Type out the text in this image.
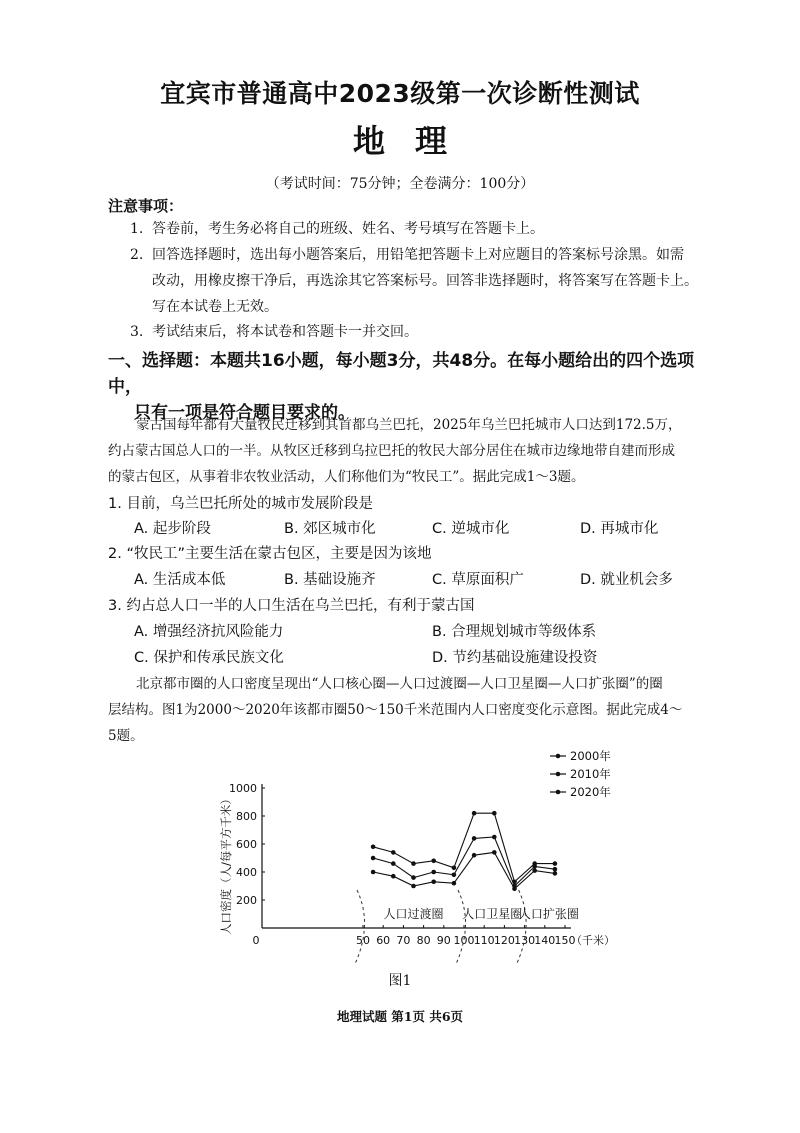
宜宾市普通高中2023级第一次诊断性测试
地理
（考试时间：75分钟；全卷满分：100分）
注意事项：
1. 答卷前，考生务必将自己的班级、姓名、考号填写在答题卡上。
2. 回答选择题时，选出每小题答案后，用铅笔把答题卡上对应题目的答案标号涂黑。如需
改动，用橡皮擦干净后，再选涂其它答案标号。回答非选择题时，将答案写在答题卡上。
写在本试卷上无效。
3. 考试结束后，将本试卷和答题卡一并交回。
一、选择题：本题共16小题，每小题3分，共48分。在每小题给出的四个选项中，
只有一项是符合题目要求的。
蒙古国每年都有大量牧民迁移到其首都乌兰巴托，2025年乌兰巴托城市人口达到172.5万，
约占蒙古国总人口的一半。从牧区迁移到乌拉巴托的牧民大部分居住在城市边缘地带自建而形成
的蒙古包区，从事着非农牧业活动，人们称他们为“牧民工”。据此完成1～3题。
1. 目前，乌兰巴托所处的城市发展阶段是
A. 起步阶段	B. 郊区城市化	C. 逆城市化	D. 再城市化
2. “牧民工”主要生活在蒙古包区，主要是因为该地
A. 生活成本低	B. 基础设施齐	C. 草原面积广	D. 就业机会多
3. 约占总人口一半的人口生活在乌兰巴托，有利于蒙古国
A. 增强经济抗风险能力	B. 合理规划城市等级体系
C. 保护和传承民族文化	D. 节约基础设施建设投资
北京都市圈的人口密度呈现出“人口核心圈—人口过渡圈—人口卫星圈—人口扩张圈”的圈
层结构。图1为2000～2020年该都市圈50～150千米范围内人口密度变化示意图。据此完成4～
5题。
0	50 60 70 80 90 100 110 120 130 140 150
（千米）
200
400
600
800
1000
人口密度（人/每平方千米）	人口过渡圈 人口卫星圈
人口扩张圈
2000年
2010年
2020年
图1
地理试题 第1页 共6页
